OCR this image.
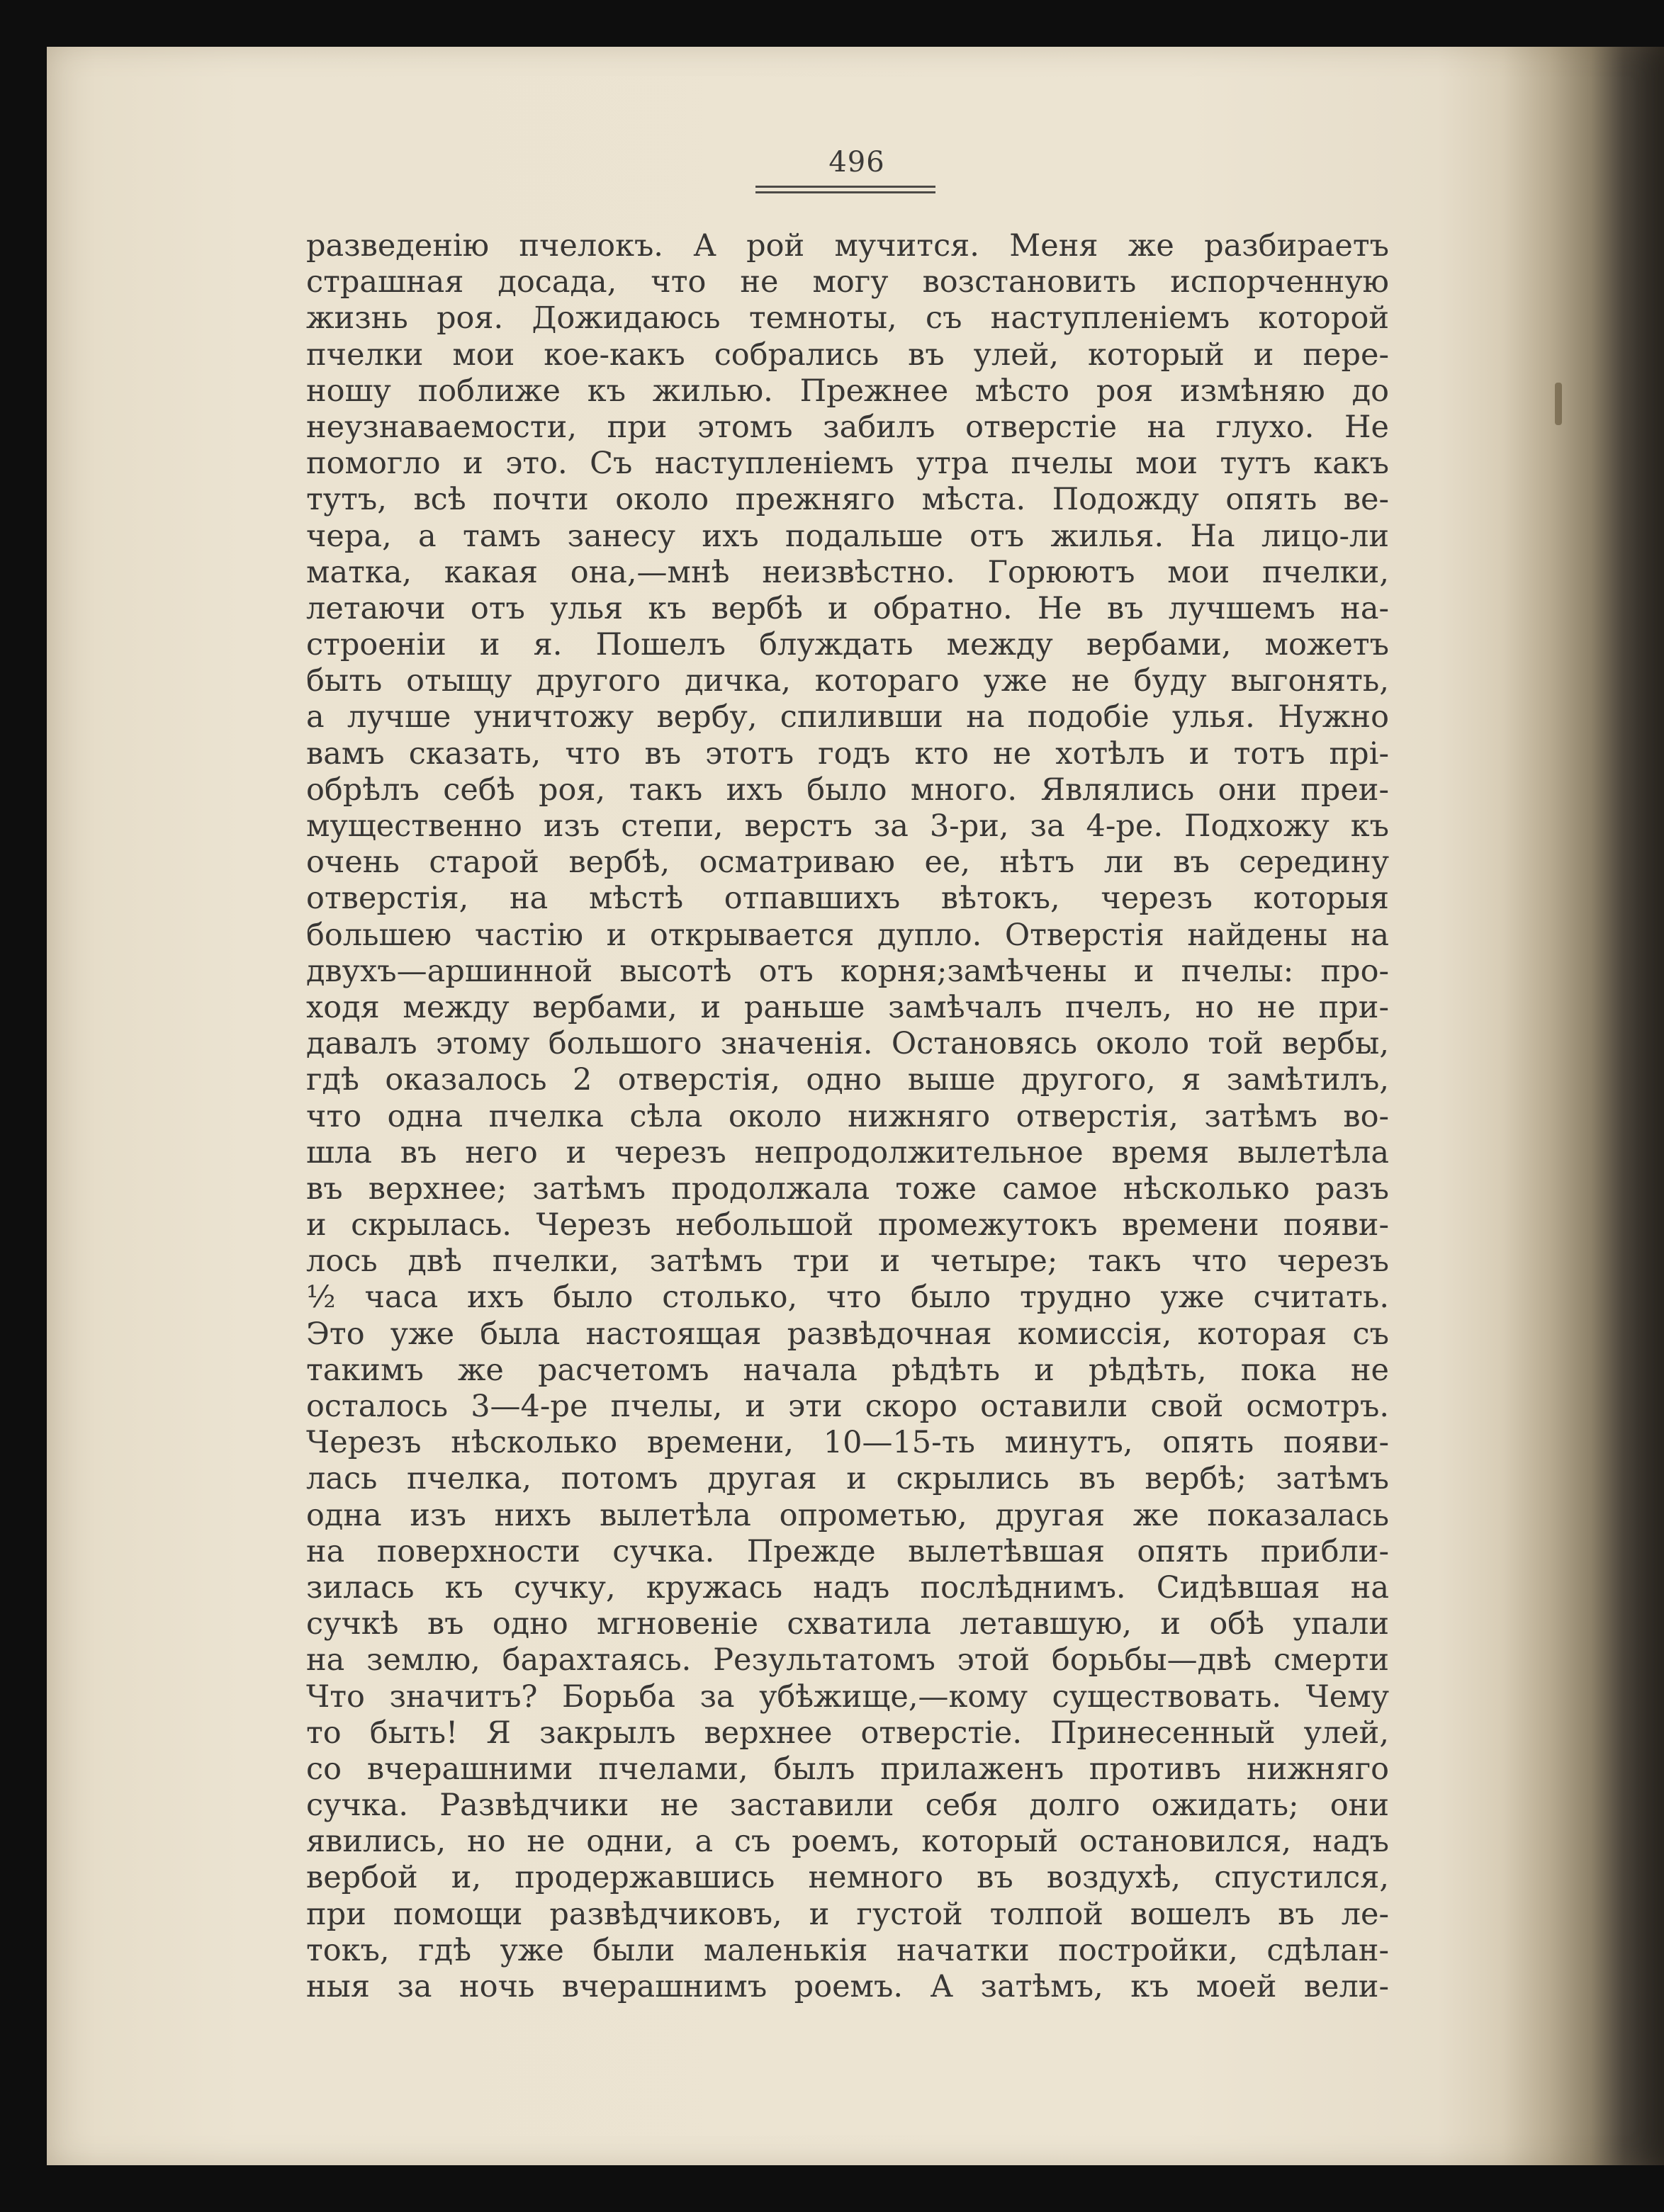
496
разведенію пчелокъ. А рой мучится. Меня же разбираетъ
страшная досада, что не могу возстановить испорченную
жизнь роя. Дожидаюсь темноты, съ наступленіемъ которой
пчелки мои кое-какъ собрались въ улей, который и пере-
ношу поближе къ жилью. Прежнее мѣсто роя измѣняю до
неузнаваемости, при этомъ забилъ отверстіе на глухо. Не
помогло и это. Съ наступленіемъ утра пчелы мои тутъ какъ
тутъ, всѣ почти около прежняго мѣста. Подожду опять ве-
чера, а тамъ занесу ихъ подальше отъ жилья. На лицо-ли
матка, какая она,—мнѣ неизвѣстно. Горюютъ мои пчелки,
летаючи отъ улья къ вербѣ и обратно. Не въ лучшемъ на-
строеніи и я. Пошелъ блуждать между вербами, можетъ
быть отыщу другого дичка, котораго уже не буду выгонять,
а лучше уничтожу вербу, спиливши на подобіе улья. Нужно
вамъ сказать, что въ этотъ годъ кто не хотѣлъ и тотъ прі-
обрѣлъ себѣ роя, такъ ихъ было много. Являлись они преи-
мущественно изъ степи, верстъ за 3-ри, за 4-ре. Подхожу къ
очень старой вербѣ, осматриваю ее, нѣтъ ли въ середину
отверстія, на мѣстѣ отпавшихъ вѣтокъ, черезъ которыя
большею частію и открывается дупло. Отверстія найдены на
двухъ—аршинной высотѣ отъ корня;замѣчены и пчелы: про-
ходя между вербами, и раньше замѣчалъ пчелъ, но не при-
давалъ этому большого значенія. Остановясь около той вербы,
гдѣ оказалось 2 отверстія, одно выше другого, я замѣтилъ,
что одна пчелка сѣла около нижняго отверстія, затѣмъ во-
шла въ него и черезъ непродолжительное время вылетѣла
въ верхнее; затѣмъ продолжала тоже самое нѣсколько разъ
и скрылась. Черезъ небольшой промежутокъ времени появи-
лось двѣ пчелки, затѣмъ три и четыре; такъ что черезъ
½ часа ихъ было столько, что было трудно уже считать.
Это уже была настоящая развѣдочная комиссія, которая съ
такимъ же расчетомъ начала рѣдѣть и рѣдѣть, пока не
осталось 3—4-ре пчелы, и эти скоро оставили свой осмотръ.
Черезъ нѣсколько времени, 10—15-ть минутъ, опять появи-
лась пчелка, потомъ другая и скрылись въ вербѣ; затѣмъ
одна изъ нихъ вылетѣла опрометью, другая же показалась
на поверхности сучка. Прежде вылетѣвшая опять прибли-
зилась къ сучку, кружась надъ послѣднимъ. Сидѣвшая на
сучкѣ въ одно мгновеніе схватила летавшую, и обѣ упали
на землю, барахтаясь. Результатомъ этой борьбы—двѣ смерти
Что значитъ? Борьба за убѣжище,—кому существовать. Чему
то быть! Я закрылъ верхнее отверстіе. Принесенный улей,
со вчерашними пчелами, былъ прилаженъ противъ нижняго
сучка. Развѣдчики не заставили себя долго ожидать; они
явились, но не одни, а съ роемъ, который остановился, надъ
вербой и, продержавшись немного въ воздухѣ, спустился,
при помощи развѣдчиковъ, и густой толпой вошелъ въ ле-
токъ, гдѣ уже были маленькія начатки постройки, сдѣлан-
ныя за ночь вчерашнимъ роемъ. А затѣмъ, къ моей вели-
